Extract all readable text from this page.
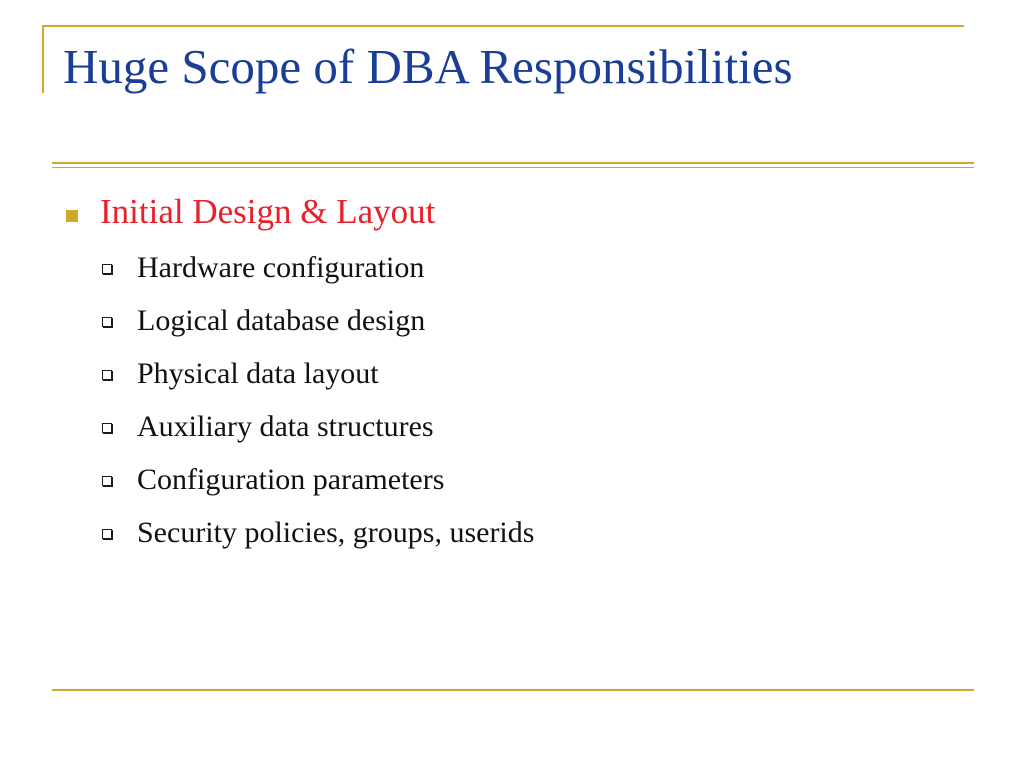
Huge Scope of DBA Responsibilities
Initial Design & Layout
Hardware configuration
Logical database design
Physical data layout
Auxiliary data structures
Configuration parameters
Security policies, groups, userids
